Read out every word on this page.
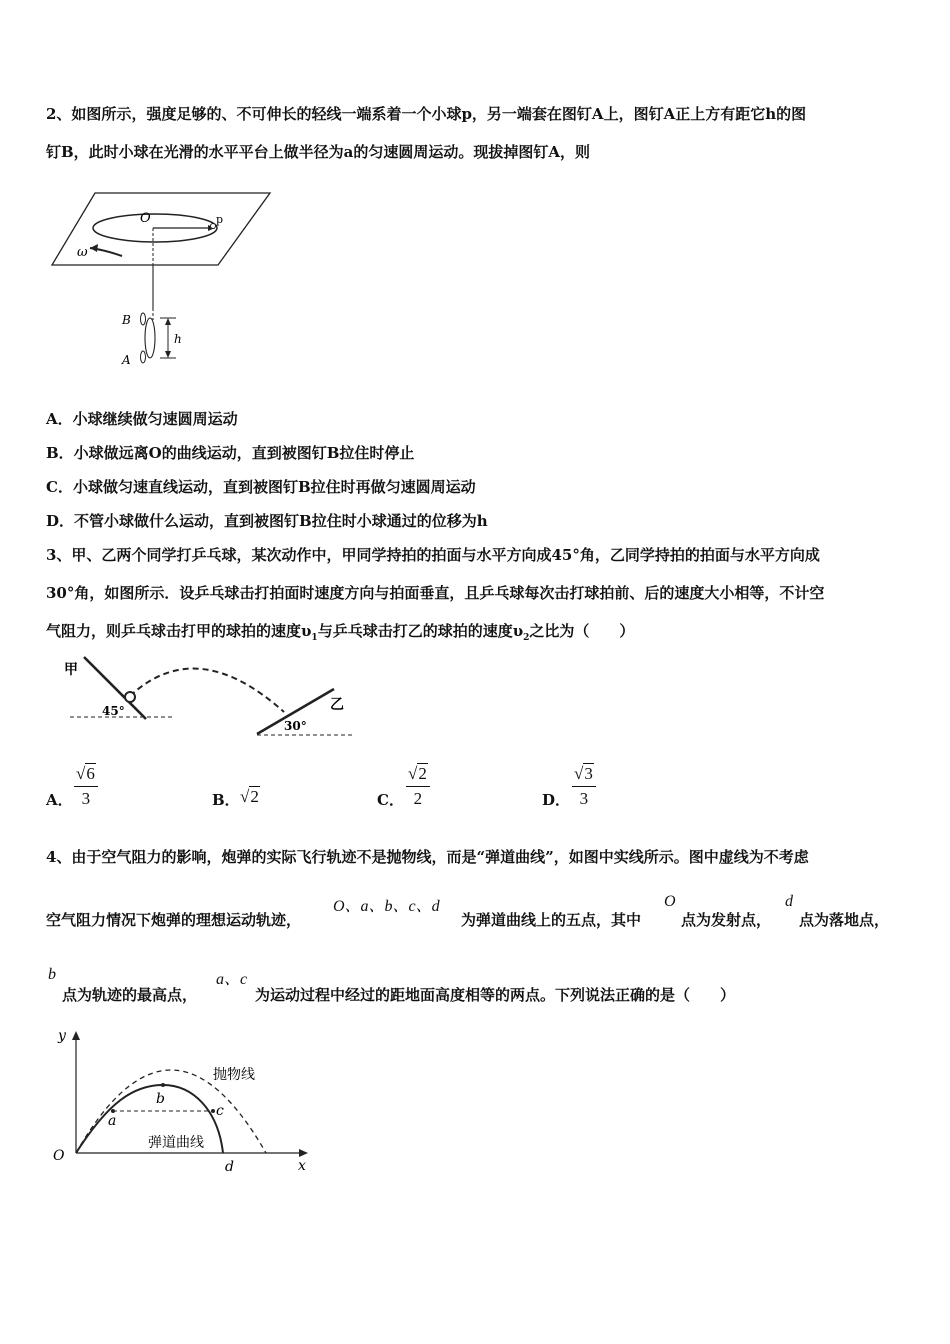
2、如图所示，强度足够的、不可伸长的轻线一端系着一个小球p，另一端套在图钉A上，图钉A正上方有距它h的图
钉B，此时小球在光滑的水平平台上做半径为a的匀速圆周运动。现拔掉图钉A，则
O	p
ω
B
A
h
A．小球继续做匀速圆周运动
B．小球做远离O的曲线运动，直到被图钉B拉住时停止
C．小球做匀速直线运动，直到被图钉B拉住时再做匀速圆周运动
D．不管小球做什么运动，直到被图钉B拉住时小球通过的位移为h
3、甲、乙两个同学打乒乓球，某次动作中，甲同学持拍的拍面与水平方向成45°角，乙同学持拍的拍面与水平方向成
30°角，如图所示．设乒乓球击打拍面时速度方向与拍面垂直，且乒乓球每次击打球拍前、后的速度大小相等，不计空
气阻力，则乒乓球击打甲的球拍的速度$\upsilon_1$与乒乓球击打乙的球拍的速度$\upsilon_2$之比为（　　）
甲
乙
45°
30°
A． $\frac{√6}{3}$	B． √2	C． $\frac{√2}{2}$	D． $\frac{√3}{3}$
4、由于空气阻力的影响，炮弹的实际飞行轨迹不是抛物线，而是“弹道曲线”，如图中实线所示。图中虚线为不考虑
空气阻力情况下炮弹的理想运动轨迹，
O、a、b、c、d
为弹道曲线上的五点，其中
O
点为发射点，
d
点为落地点，
b
点为轨迹的最高点，
a、c
为运动过程中经过的距地面高度相等的两点。下列说法正确的是（　　）
y
x
O
a
b
c
d
抛物线
弹道曲线
